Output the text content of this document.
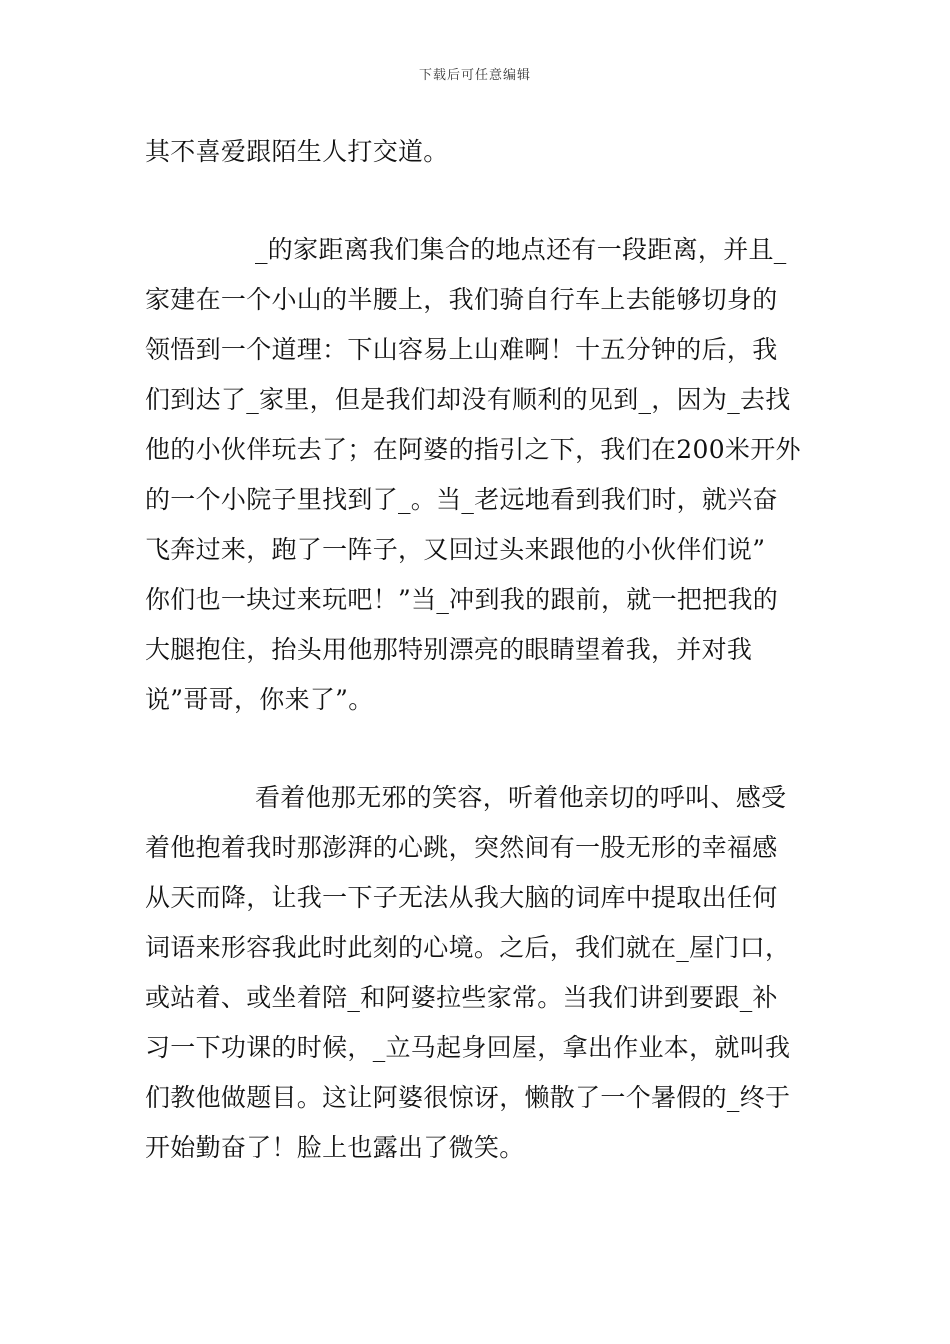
下载后可任意编辑
其不喜爱跟陌生人打交道。
_的家距离我们集合的地点还有一段距离，并且_
家建在一个小山的半腰上，我们骑自行车上去能够切身的
领悟到一个道理：下山容易上山难啊！十五分钟的后，我
们到达了_家里，但是我们却没有顺利的见到_，因为_去找
他的小伙伴玩去了；在阿婆的指引之下，我们在200米开外
的一个小院子里找到了_。当_老远地看到我们时，就兴奋
飞奔过来，跑了一阵子，又回过头来跟他的小伙伴们说”
你们也一块过来玩吧！”当_冲到我的跟前，就一把把我的
大腿抱住，抬头用他那特别漂亮的眼睛望着我，并对我
说”哥哥，你来了”。
看着他那无邪的笑容，听着他亲切的呼叫、感受
着他抱着我时那澎湃的心跳，突然间有一股无形的幸福感
从天而降，让我一下子无法从我大脑的词库中提取出任何
词语来形容我此时此刻的心境。之后，我们就在_屋门口，
或站着、或坐着陪_和阿婆拉些家常。当我们讲到要跟_补
习一下功课的时候，_立马起身回屋，拿出作业本，就叫我
们教他做题目。这让阿婆很惊讶，懒散了一个暑假的_终于
开始勤奋了！脸上也露出了微笑。
